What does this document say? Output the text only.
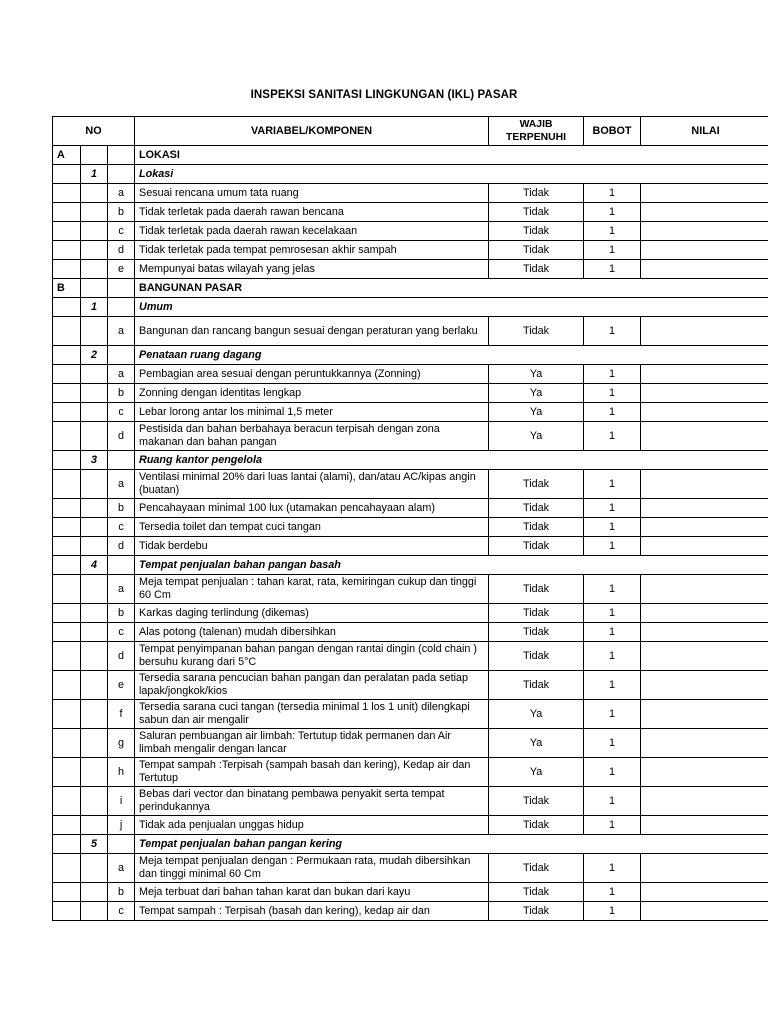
INSPEKSI SANITASI LINGKUNGAN (IKL) PASAR
NO			VARIABEL/KOMPONEN	WAJIB TERPENUHI	BOBOT	NILAI
A			LOKASI			
	1		Lokasi			
		a	Sesuai rencana umum tata ruang	Tidak	1	
		b	Tidak terletak pada daerah rawan bencana	Tidak	1	
		c	Tidak terletak pada daerah rawan kecelakaan	Tidak	1	
		d	Tidak terletak pada tempat pemrosesan akhir sampah	Tidak	1	
		e	Mempunyai batas wilayah yang jelas	Tidak	1	
B			BANGUNAN PASAR			
	1		Umum			
		a	Bangunan dan rancang bangun sesuai dengan peraturan yang berlaku	Tidak	1	
	2		Penataan ruang dagang			
		a	Pembagian area sesuai dengan peruntukkannya (Zonning)	Ya	1	
		b	Zonning dengan identitas lengkap	Ya	1	
		c	Lebar lorong antar los minimal 1,5 meter	Ya	1	
		d	Pestisida dan bahan berbahaya beracun terpisah dengan zona makanan dan bahan pangan	Ya	1	
	3		Ruang kantor pengelola			
		a	Ventilasi minimal 20% dari luas lantai (alami), dan/atau AC/kipas angin (buatan)	Tidak	1	
		b	Pencahayaan minimal 100 lux (utamakan pencahayaan alam)	Tidak	1	
		c	Tersedia toilet dan tempat cuci tangan	Tidak	1	
		d	Tidak berdebu	Tidak	1	
	4		Tempat penjualan bahan pangan basah			
		a	Meja tempat penjualan : tahan karat, rata, kemiringan cukup dan tinggi 60 Cm	Tidak	1	
		b	Karkas daging terlindung (dikemas)	Tidak	1	
		c	Alas potong (talenan) mudah dibersihkan	Tidak	1	
		d	Tempat penyimpanan bahan pangan dengan rantai dingin (cold chain ) bersuhu kurang dari 5°C	Tidak	1	
		e	Tersedia sarana pencucian bahan pangan dan peralatan pada setiap lapak/jongkok/kios	Tidak	1	
		f	Tersedia sarana cuci tangan (tersedia minimal 1 los 1 unit) dilengkapi sabun dan air mengalir	Ya	1	
		g	Saluran pembuangan air limbah: Tertutup tidak permanen dan Air limbah mengalir dengan lancar	Ya	1	
		h	Tempat sampah :Terpisah (sampah basah dan kering), Kedap air dan Tertutup	Ya	1	
		i	Bebas dari vector dan binatang pembawa penyakit serta tempat perindukannya	Tidak	1	
		j	Tidak ada penjualan unggas hidup	Tidak	1	
	5		Tempat penjualan bahan pangan kering			
		a	Meja tempat penjualan dengan : Permukaan rata, mudah dibersihkan dan tinggi minimal 60 Cm	Tidak	1	
		b	Meja terbuat dari bahan tahan karat dan bukan dari kayu	Tidak	1	
		c	Tempat sampah : Terpisah (basah dan kering), kedap air dan	Tidak	1	
